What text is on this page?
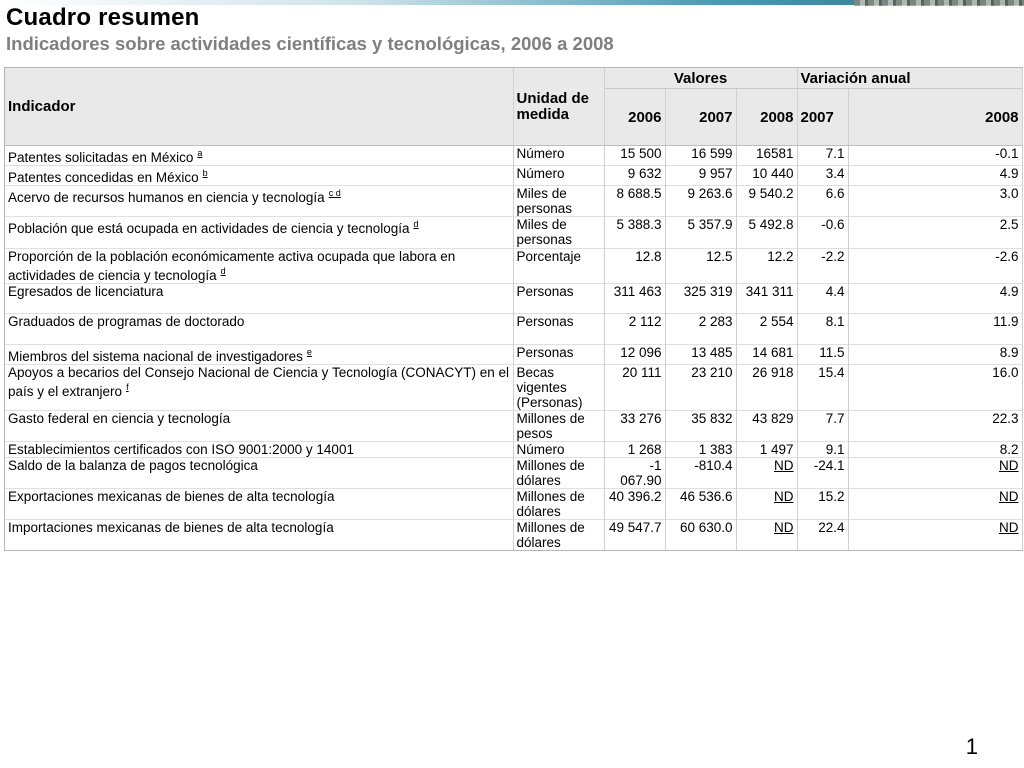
Cuadro resumen
Indicadores sobre actividades científicas y tecnológicas, 2006 a 2008
Indicador	Unidad de medida	Valores			Variación anual	
		2006	2007	2008	2007	2008
Patentes solicitadas en México $^a$	Número	15 500	16 599	16581	7.1	-0.1
Patentes concedidas en México $^b$	Número	9 632	9 957	10 440	3.4	4.9
Acervo de recursos humanos en ciencia y tecnología $^{c d}$	Miles de personas	8 688.5	9 263.6	9 540.2	6.6	3.0
Población que está ocupada en actividades de ciencia y tecnología $^d$	Miles de personas	5 388.3	5 357.9	5 492.8	-0.6	2.5
Proporción de la población económicamente activa ocupada que labora en actividades de ciencia y tecnología $^d$	Porcentaje	12.8	12.5	12.2	-2.2	-2.6
Egresados de licenciatura	Personas	311 463	325 319	341 311	4.4	4.9
Graduados de programas de doctorado	Personas	2 112	2 283	2 554	8.1	11.9
Miembros del sistema nacional de investigadores $^e$	Personas	12 096	13 485	14 681	11.5	8.9
Apoyos a becarios del Consejo Nacional de Ciencia y Tecnología (CONACYT) en el país y el extranjero $^f$	Becas vigentes (Personas)	20 111	23 210	26 918	15.4	16.0
Gasto federal en ciencia y tecnología	Millones de pesos	33 276	35 832	43 829	7.7	22.3
Establecimientos certificados con ISO 9001:2000 y 14001	Número	1 268	1 383	1 497	9.1	8.2
Saldo de la balanza de pagos tecnológica	Millones de dólares	-1 067.90	-810.4	ND	-24.1	ND
Exportaciones mexicanas de bienes de alta tecnología	Millones de dólares	40 396.2	46 536.6	ND	15.2	ND
Importaciones mexicanas de bienes de alta tecnología	Millones de dólares	49 547.7	60 630.0	ND	22.4	ND
1
